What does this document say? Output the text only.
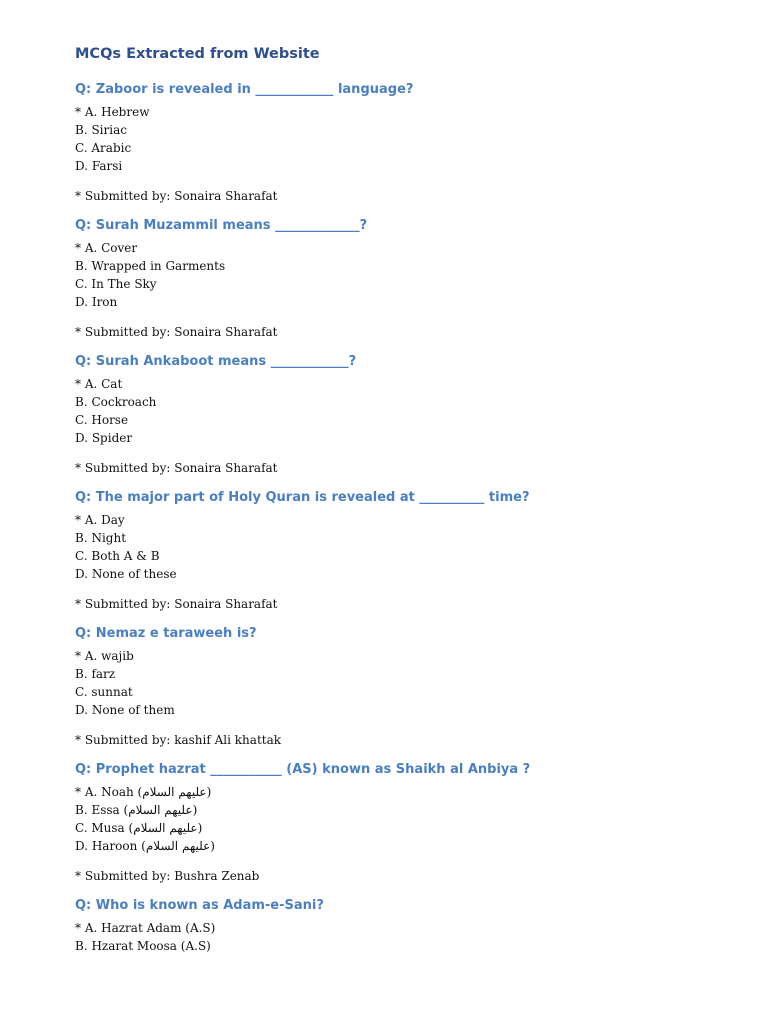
MCQs Extracted from Website
Q: Zaboor is revealed in ____________ language?
* A. Hebrew
B. Siriac
C. Arabic
D. Farsi
* Submitted by: Sonaira Sharafat
Q: Surah Muzammil means _____________?
* A. Cover
B. Wrapped in Garments
C. In The Sky
D. Iron
* Submitted by: Sonaira Sharafat
Q: Surah Ankaboot means ____________?
* A. Cat
B. Cockroach
C. Horse
D. Spider
* Submitted by: Sonaira Sharafat
Q: The major part of Holy Quran is revealed at __________ time?
* A. Day
B. Night
C. Both A & B
D. None of these
* Submitted by: Sonaira Sharafat
Q: Nemaz e taraweeh is?
* A. wajib
B. farz
C. sunnat
D. None of them
* Submitted by: kashif Ali khattak
Q: Prophet hazrat ___________ (AS) known as Shaikh al Anbiya ?
* A. Noah (عليهم السلام)
B. Essa (عليهم السلام)
C. Musa (عليهم السلام)
D. Haroon (عليهم السلام)
* Submitted by: Bushra Zenab
Q: Who is known as Adam-e-Sani?
* A. Hazrat Adam (A.S)
B. Hzarat Moosa (A.S)
